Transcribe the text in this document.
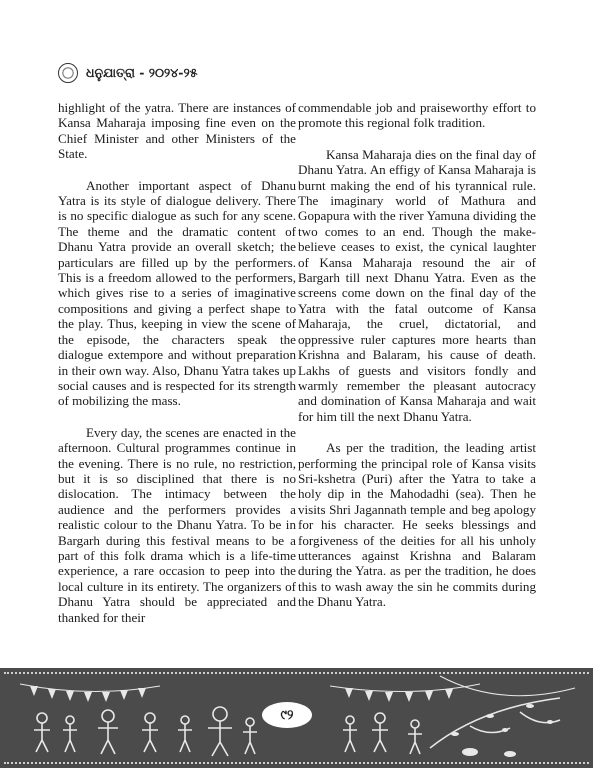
ଧନୁଯାତ୍ରା - ୨୦୨୪-୨୫

highlight of the yatra. There are instances of Kansa Maharaja imposing fine even on the Chief Minister and other Ministers of the State.

Another important aspect of Dhanu Yatra is its style of dialogue delivery. There is no specific dialogue as such for any scene. The theme and the dramatic content of Dhanu Yatra provide an overall sketch; the particulars are filled up by the performers. This is a freedom allowed to the performers, which gives rise to a series of imaginative compositions and giving a perfect shape to the play. Thus, keeping in view the scene of the episode, the characters speak the dialogue extempore and without preparation in their own way. Also, Dhanu Yatra takes up social causes and is respected for its strength of mobilizing the mass.

Every day, the scenes are enacted in the afternoon. Cultural programmes continue in the evening. There is no rule, no restriction, but it is so disciplined that there is no dislocation. The intimacy between the audience and the performers provides a realistic colour to the Dhanu Yatra. To be in Bargarh during this festival means to be a part of this folk drama which is a life-time experience, a rare occasion to peep into the local culture in its entirety. The organizers of Dhanu Yatra should be appreciated and thanked for their

commendable job and praiseworthy effort to promote this regional folk tradition.

Kansa Maharaja dies on the final day of Dhanu Yatra. An effigy of Kansa Maharaja is burnt making the end of his tyrannical rule. The imaginary world of Mathura and Gopapura with the river Yamuna dividing the two comes to an end. Though the make-believe ceases to exist, the cynical laughter of Kansa Maharaja resound the air of Bargarh till next Dhanu Yatra. Even as the screens come down on the final day of the Yatra with the fatal outcome of Kansa Maharaja, the cruel, dictatorial, and oppressive ruler captures more hearts than Krishna and Balaram, his cause of death. Lakhs of guests and visitors fondly and warmly remember the pleasant autocracy and domination of Kansa Maharaja and wait for him till the next Dhanu Yatra.

As per the tradition, the leading artist performing the principal role of Kansa visits Sri-kshetra (Puri) after the Yatra to take a holy dip in the Mahodadhi (sea). Then he visits Shri Jagannath temple and beg apology for his character. He seeks blessings and forgiveness of the deities for all his unholy utterances against Krishna and Balaram during the Yatra. as per the tradition, he does this to wash away the sin he commits during the Dhanu Yatra.

୯୨
